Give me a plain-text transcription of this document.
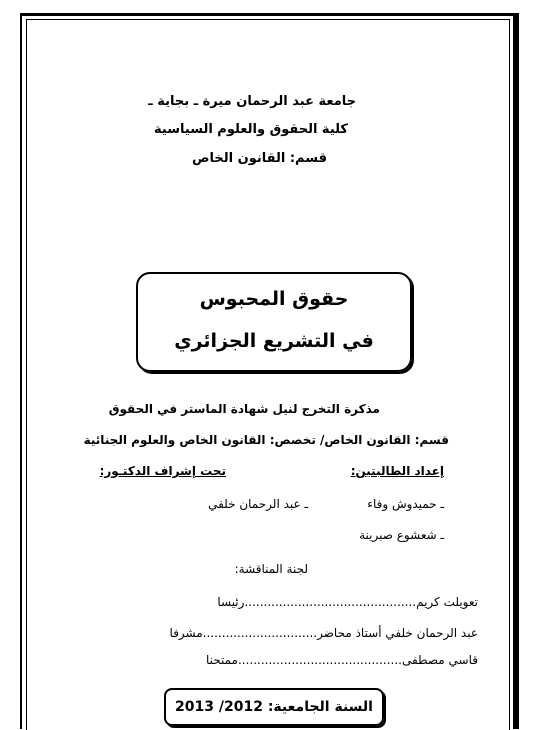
جامعة عبد الرحمان ميرة ـ بجاية ـ
كلية الحقوق والعلوم السياسية
قسم: القانون الخاص
حقوق المحبوس
في التشريع الجزائري
مذكرة التخرج لنيل شهادة الماستر في الحقوق
قسم: القانون الخاص/ تخصص: القانون الخاص والعلوم الجنائية
إعداد الطالبتين:
تحت إشراف الدكتـور:
ـ حميدوش وفاء
ـ عبد الرحمان خلفي
ـ شعشوع صبرينة
لجنة المناقشة:
تعويلت كريم.............................................رئيسا
عبد الرحمان خلفي أستاذ محاضر..............................مشرفا
قاسي مصطفى...........................................ممتحنا
السنة الجامعية: 2012/ 2013
